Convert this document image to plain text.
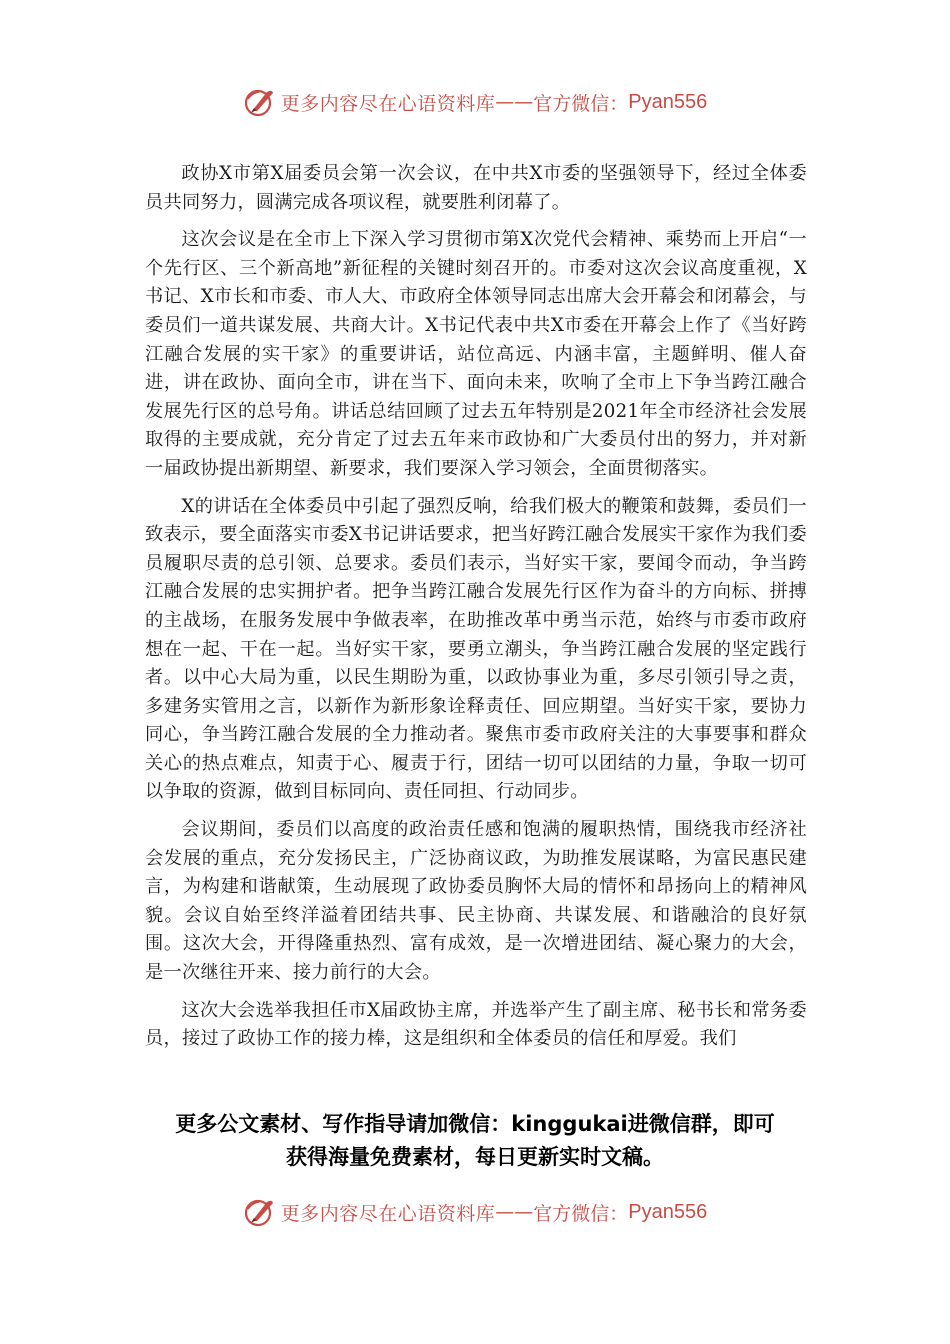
更多内容尽在心语资料库 —— 官方微信： Pyan556

政协X市第X届委员会第一次会议，在中共X市委的坚强领导下，经过全体委员共同努力，圆满完成各项议程，就要胜利闭幕了。

这次会议是在全市上下深入学习贯彻市第X次党代会精神、乘势而上开启“一个先行区、三个新高地”新征程的关键时刻召开的。市委对这次会议高度重视，X书记、X市长和市委、市人大、市政府全体领导同志出席大会开幕会和闭幕会，与委员们一道共谋发展、共商大计。X书记代表中共X市委在开幕会上作了《当好跨江融合发展的实干家》的重要讲话，站位高远、内涵丰富，主题鲜明、催人奋进，讲在政协、面向全市，讲在当下、面向未来，吹响了全市上下争当跨江融合发展先行区的总号角。讲话总结回顾了过去五年特别是2021年全市经济社会发展取得的主要成就，充分肯定了过去五年来市政协和广大委员付出的努力，并对新一届政协提出新期望、新要求，我们要深入学习领会，全面贯彻落实。

X的讲话在全体委员中引起了强烈反响，给我们极大的鞭策和鼓舞，委员们一致表示，要全面落实市委X书记讲话要求，把当好跨江融合发展实干家作为我们委员履职尽责的总引领、总要求。委员们表示，当好实干家，要闻令而动，争当跨江融合发展的忠实拥护者。把争当跨江融合发展先行区作为奋斗的方向标、拼搏的主战场，在服务发展中争做表率，在助推改革中勇当示范，始终与市委市政府想在一起、干在一起。当好实干家，要勇立潮头，争当跨江融合发展的坚定践行者。以中心大局为重，以民生期盼为重，以政协事业为重，多尽引领引导之责，多建务实管用之言，以新作为新形象诠释责任、回应期望。当好实干家，要协力同心，争当跨江融合发展的全力推动者。聚焦市委市政府关注的大事要事和群众关心的热点难点，知责于心、履责于行，团结一切可以团结的力量，争取一切可以争取的资源，做到目标同向、责任同担、行动同步。

会议期间，委员们以高度的政治责任感和饱满的履职热情，围绕我市经济社会发展的重点，充分发扬民主，广泛协商议政，为助推发展谋略，为富民惠民建言，为构建和谐献策，生动展现了政协委员胸怀大局的情怀和昂扬向上的精神风貌。会议自始至终洋溢着团结共事、民主协商、共谋发展、和谐融洽的良好氛围。这次大会，开得隆重热烈、富有成效，是一次增进团结、凝心聚力的大会，是一次继往开来、接力前行的大会。

这次大会选举我担任市X届政协主席，并选举产生了副主席、秘书长和常务委员，接过了政协工作的接力棒，这是组织和全体委员的信任和厚爱。我们

更多公文素材、写作指导请加微信：kinggukai进微信群，即可
获得海量免费素材，每日更新实时文稿。
更多内容尽在心语资料库 —— 官方微信： Pyan556
